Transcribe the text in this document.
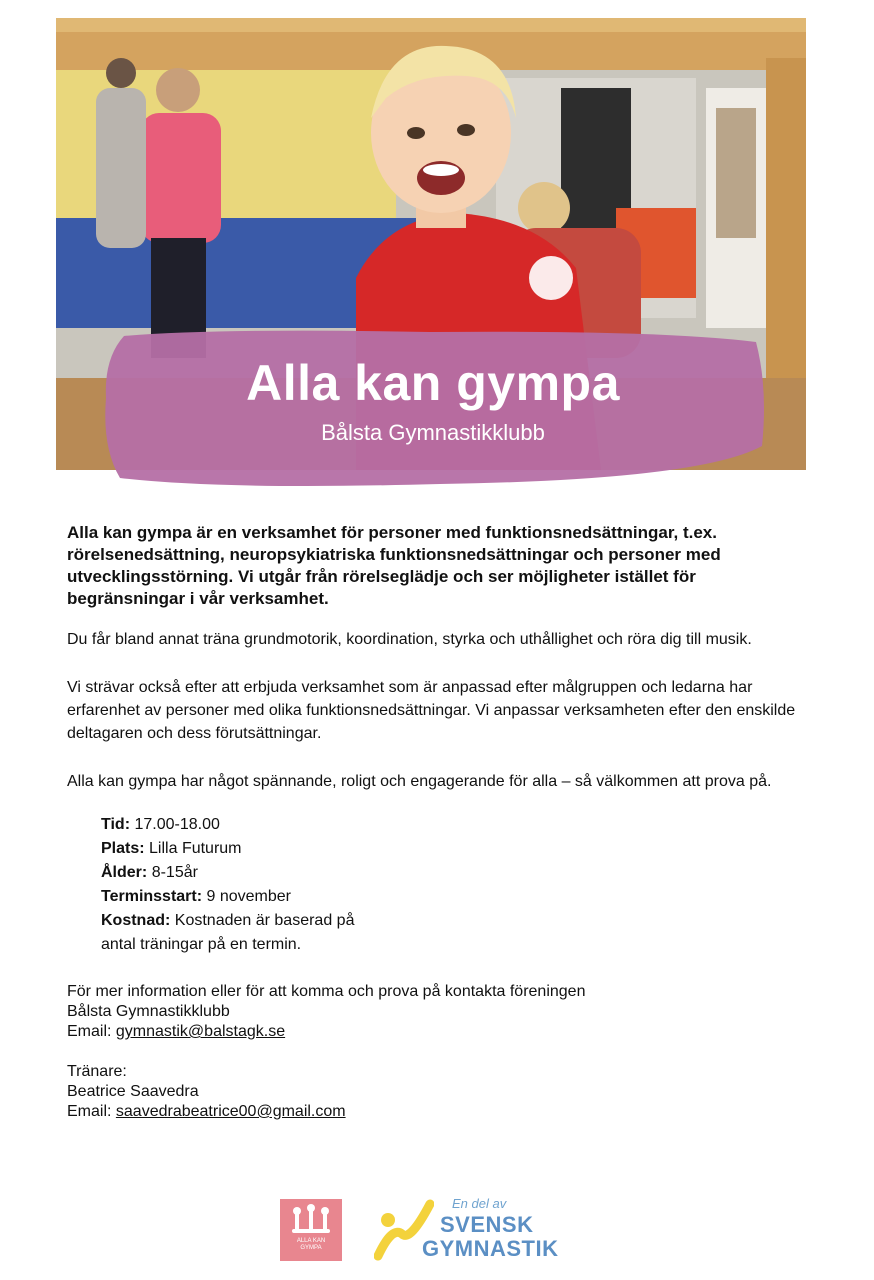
Alla kan gympa
Bålsta Gymnastikklubb

Alla kan gympa är en verksamhet för personer med funktionsnedsättningar, t.ex. rörelsenedsättning, neuropsykiatriska funktionsnedsättningar och personer med utvecklingsstörning. Vi utgår från rörelseglädje och ser möjligheter istället för begränsningar i vår verksamhet.

Du får bland annat träna grundmotorik, koordination, styrka och uthållighet och röra dig till musik.

Vi strävar också efter att erbjuda verksamhet som är anpassad efter målgruppen och ledarna har erfarenhet av personer med olika funktionsnedsättningar. Vi anpassar verksamheten efter den enskilde deltagaren och dess förutsättningar.

Alla kan gympa har något spännande, roligt och engagerande för alla – så välkommen att prova på.

Tid: 17.00-18.00
Plats: Lilla Futurum
Ålder: 8-15år
Terminsstart: 9 november
Kostnad: Kostnaden är baserad på antal träningar på en termin.
För mer information eller för att komma och prova på kontakta föreningen
Bålsta Gymnastikklubb
Email: gymnastik@balstagk.se
Tränare:
Beatrice Saavedra
Email: saavedrabeatrice00@gmail.com
ALLA KAN
GYMPA
En del av
SVENSK
GYMNASTIK
